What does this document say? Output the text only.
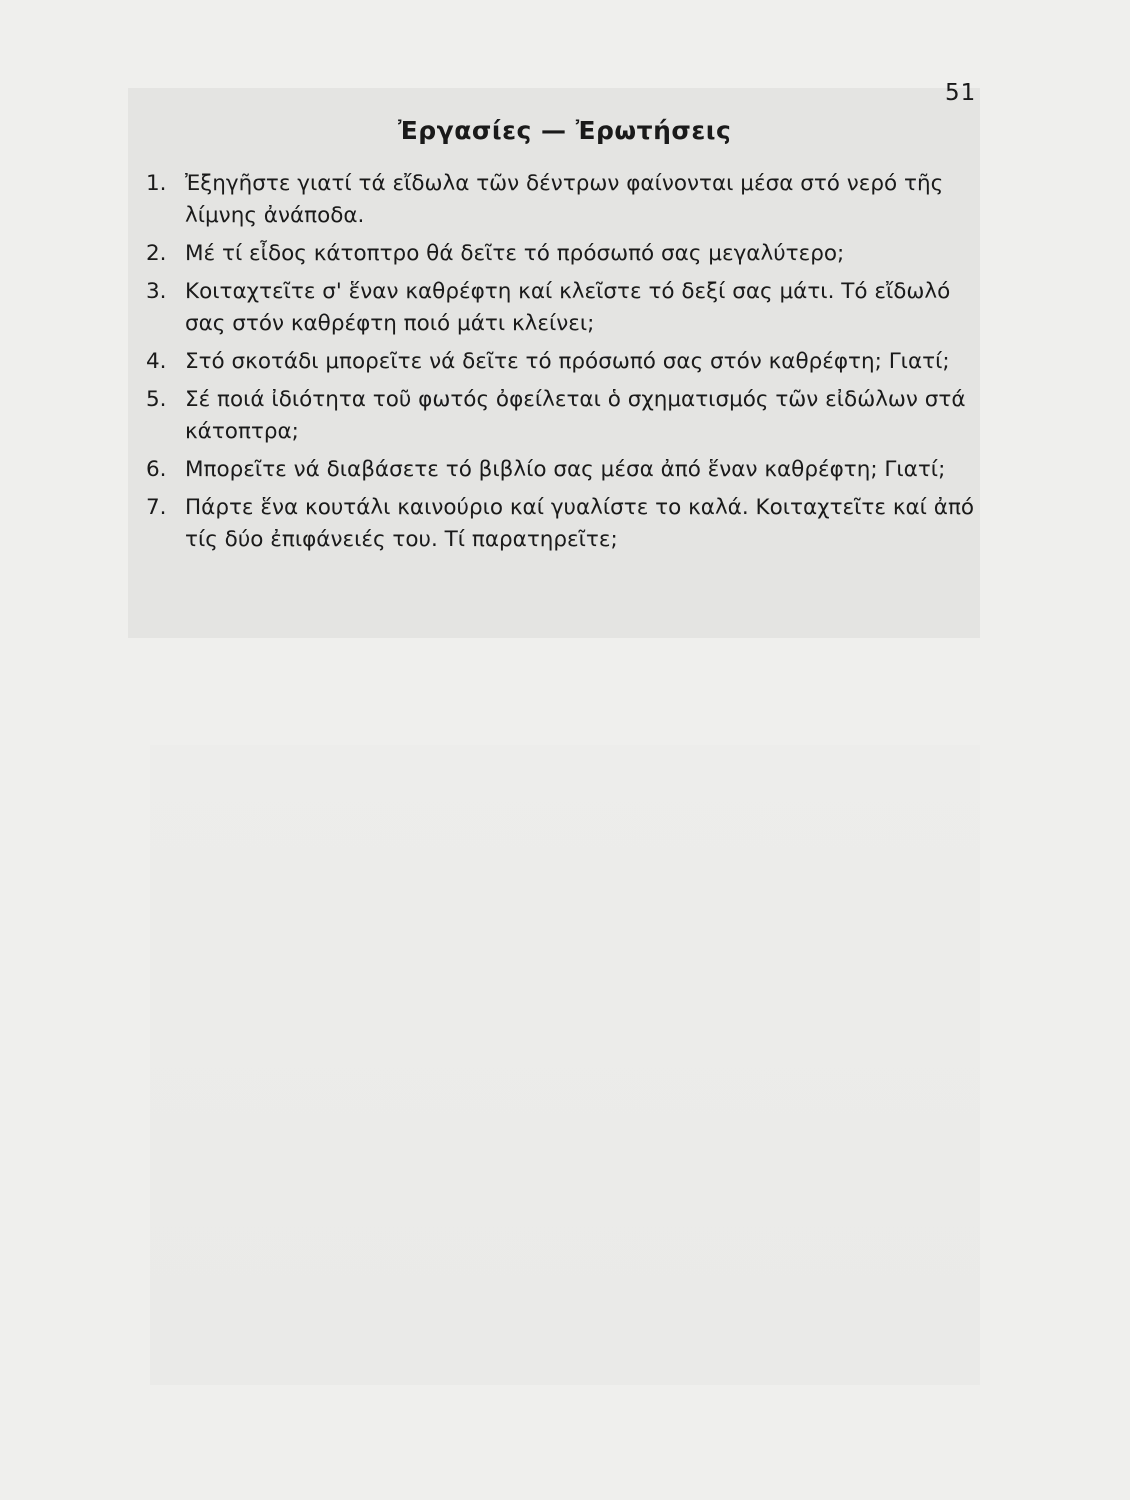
51
Ἐργασίες — Ἐρωτήσεις
1. Ἐξηγῆστε γιατί τά εἴδωλα τῶν δέντρων φαίνονται μέσα στό νερό τῆς λίμνης ἀνάποδα.
2. Μέ τί εἶδος κάτοπτρο θά δεῖτε τό πρόσωπό σας μεγαλύτερο;
3. Κοιταχτεῖτε σ' ἕναν καθρέφτη καί κλεῖστε τό δεξί σας μάτι. Τό εἴδωλό σας στόν καθρέφτη ποιό μάτι κλείνει;
4. Στό σκοτάδι μπορεῖτε νά δεῖτε τό πρόσωπό σας στόν καθρέφτη; Γιατί;
5. Σέ ποιά ἰδιότητα τοῦ φωτός ὀφείλεται ὁ σχηματισμός τῶν εἰδώλων στά κάτοπτρα;
6. Μπορεῖτε νά διαβάσετε τό βιβλίο σας μέσα ἀπό ἕναν καθρέφτη; Γιατί;
7. Πάρτε ἕνα κουτάλι καινούριο καί γυαλίστε το καλά. Κοιταχτεῖτε καί ἀπό τίς δύο ἐπιφάνειές του. Τί παρατηρεῖτε;
